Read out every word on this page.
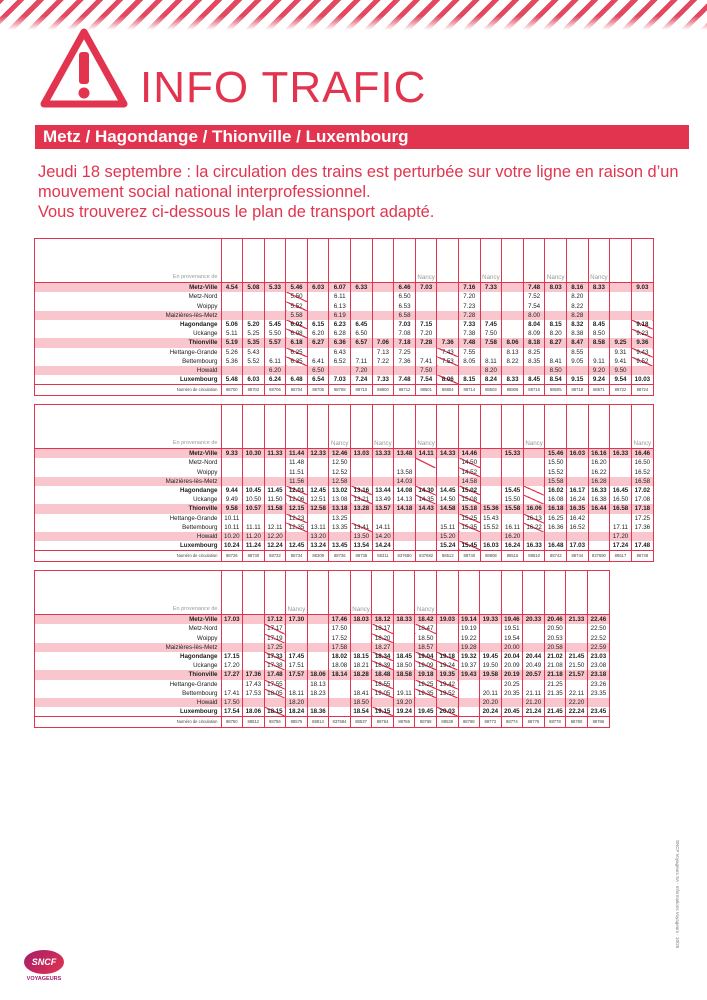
INFO TRAFIC
Metz / Hagondange / Thionville / Luxembourg

Jeudi 18 septembre : la circulation des trains est perturbée sur votre ligne en raison d’un mouvement social national interprofessionnel.
Vous trouverez ci-dessous le plan de transport adapté.

En provenance de										Nancy			Nancy			Nancy		Nancy		
Metz-Ville	4.54	5.08	5.33	5.46	6.03	6.07	6.33		6.46	7.03		7.16	7.33		7.48	8.03	8.16	8.33		9.03
Metz-Nord				5.50		6.11			6.50			7.20			7.52		8.20			
Woippy				5.52		6.13			6.53			7.23			7.54		8.22			
Maizières-lès-Metz				5.58		6.19			6.58			7.28			8.00		8.28			
Hagondange	5.06	5.20	5.45	6.02	6.15	6.23	6.45		7.03	7.15		7.33	7.45		8.04	8.15	8.32	8.45		9.18
Uckange	5.11	5.25	5.50	6.08	6.20	6.28	6.50		7.08	7.20		7.38	7.50		8.09	8.20	8.38	8.50		9.23
Thionville	5.19	5.35	5.57	6.18	6.27	6.36	6.57	7.06	7.18	7.28	7.36	7.48	7.58	8.06	8.18	8.27	8.47	8.58	9.25	9.36
Hettange-Grande	5.26	5.43		6.25		6.43		7.13	7.25		7.43	7.55		8.13	8.25		8.55		9.31	9.43
Bettembourg	5.36	5.52	6.11	6.35	6.41	6.52	7.11	7.22	7.36	7.41	7.53	8.05	8.11	8.22	8.35	8.41	9.05	9.11	9.41	9.52
Howald			6.20		6.50		7.20			7.50			8.20			8.50		9.20	9.50	
Luxembourg	5.48	6.03	6.24	6.48	6.54	7.03	7.24	7.33	7.48	7.54	8.06	8.15	8.24	8.33	8.45	8.54	9.15	9.24	9.54	10.03
Numéro de circulation	88700	88702	88706	88704	88706	88708	88710	88800	88712	88501	88804	88714	88503	88806	88716	88505	88718	88571	88722	88724

En provenance de						Nancy		Nancy		Nancy					Nancy					Nancy
Metz-Ville	9.33	10.30	11.33	11.44	12.33	12.46	13.03	13.33	13.48	14.11	14.33	14.46		15.33		15.46	16.03	16.16	16.33	16.46
Metz-Nord				11.48		12.50						14.50				15.50		16.20		16.50
Woippy				11.51		12.52			13.58			14.52				15.52		16.22		16.52
Maizières-lès-Metz				11.56		12.58			14.03			14.58				15.58		16.28		16.58
Hagondange	9.44	10.45	11.45	12.01	12.45	13.02	13.16	13.44	14.08	14.30	14.45	15.02		15.45		16.02	16.17	16.33	16.45	17.02
Uckange	9.49	10.50	11.50	12.06	12.51	13.08	13.21	13.49	14.13	14.35	14.50	15.08		15.50		16.08	16.24	16.38	16.50	17.08
Thionville	9.58	10.57	11.58	12.15	12.58	13.18	13.28	13.57	14.18	14.43	14.58	15.18	15.36	15.58	16.06	16.18	16.35	16.44	16.58	17.18
Hettange-Grande	10.11			12.23		13.25						15.25	15.43		16.13	16.25	16.42			17.25
Bettembourg	10.11	11.11	12.11	12.35	13.11	13.35	13.41	14.11			15.11	15.35	15.52	16.11	16.22	16.36	16.52		17.11	17.36
Howald	10.20	11.20	12.20		13.20		13.50	14.20			15.20			16.20					17.20	
Luxembourg	10.24	11.24	12.24	12.45	13.24	13.45	13.54	14.24			15.24	15.45	16.03	16.24	16.33	16.48	17.03		17.24	17.48
Numéro de circulation	88726	88730	88732	88734	88309	88736	88738	88311	837680	837682	88513	88740	88808	88515	88810	88742	88744	837690	88517	88748

En provenance de				Nancy			Nancy			Nancy								
Metz-Ville	17.03		17.12	17.30		17.46	18.03	18.12	18.33	18.42	19.03	19.14	19.33	19.46	20.33	20.46	21.33	22.46
Metz-Nord			17.17			17.50		18.17		18.47		19.19		19.51		20.50		22.50
Woippy			17.19			17.52		18.20		18.50		19.22		19.54		20.53		22.52
Maizières-lès-Metz			17.25			17.58		18.27		18.57		19.28		20.00		20.58		22.59
Hagondange	17.15		17.33	17.45		18.02	18.15	18.34	18.45	19.04	19.18	19.32	19.45	20.04	20.44	21.02	21.45	23.03
Uckange	17.20		17.38	17.51		18.08	18.21	18.39	18.50	19.09	19.24	19.37	19.50	20.09	20.49	21.08	21.50	23.08
Thionville	17.27	17.36	17.48	17.57	18.06	18.14	18.28	18.48	18.58	19.18	19.35	19.43	19.58	20.19	20.57	21.18	21.57	23.18
Hettange-Grande		17.43	17.55		18.13			18.55		19.25	19.42			20.25		21.25		23.26
Bettembourg	17.41	17.53	18.05	18.11	18.23		18.41	19.05	19.11	19.35	19.52		20.11	20.35	21.11	21.35	22.11	23.35
Howald	17.50			18.20			18.50		19.20				20.20		21.20		22.20	
Luxembourg	17.54	18.06	18.15	18.24	18.36		18.54	19.15	19.24	19.45	20.03		20.24	20.45	21.24	21.45	22.24	23.45
Numéro de circulation	88750	88812	88756	88575	88814	837684	88537	88764	88766	88768	88539	88768	88772	88774	88776	88778	88780	88786
SNCF
VOYAGEURS
SNCF Voyageurs SA - Informations Voyageurs - 10/25
